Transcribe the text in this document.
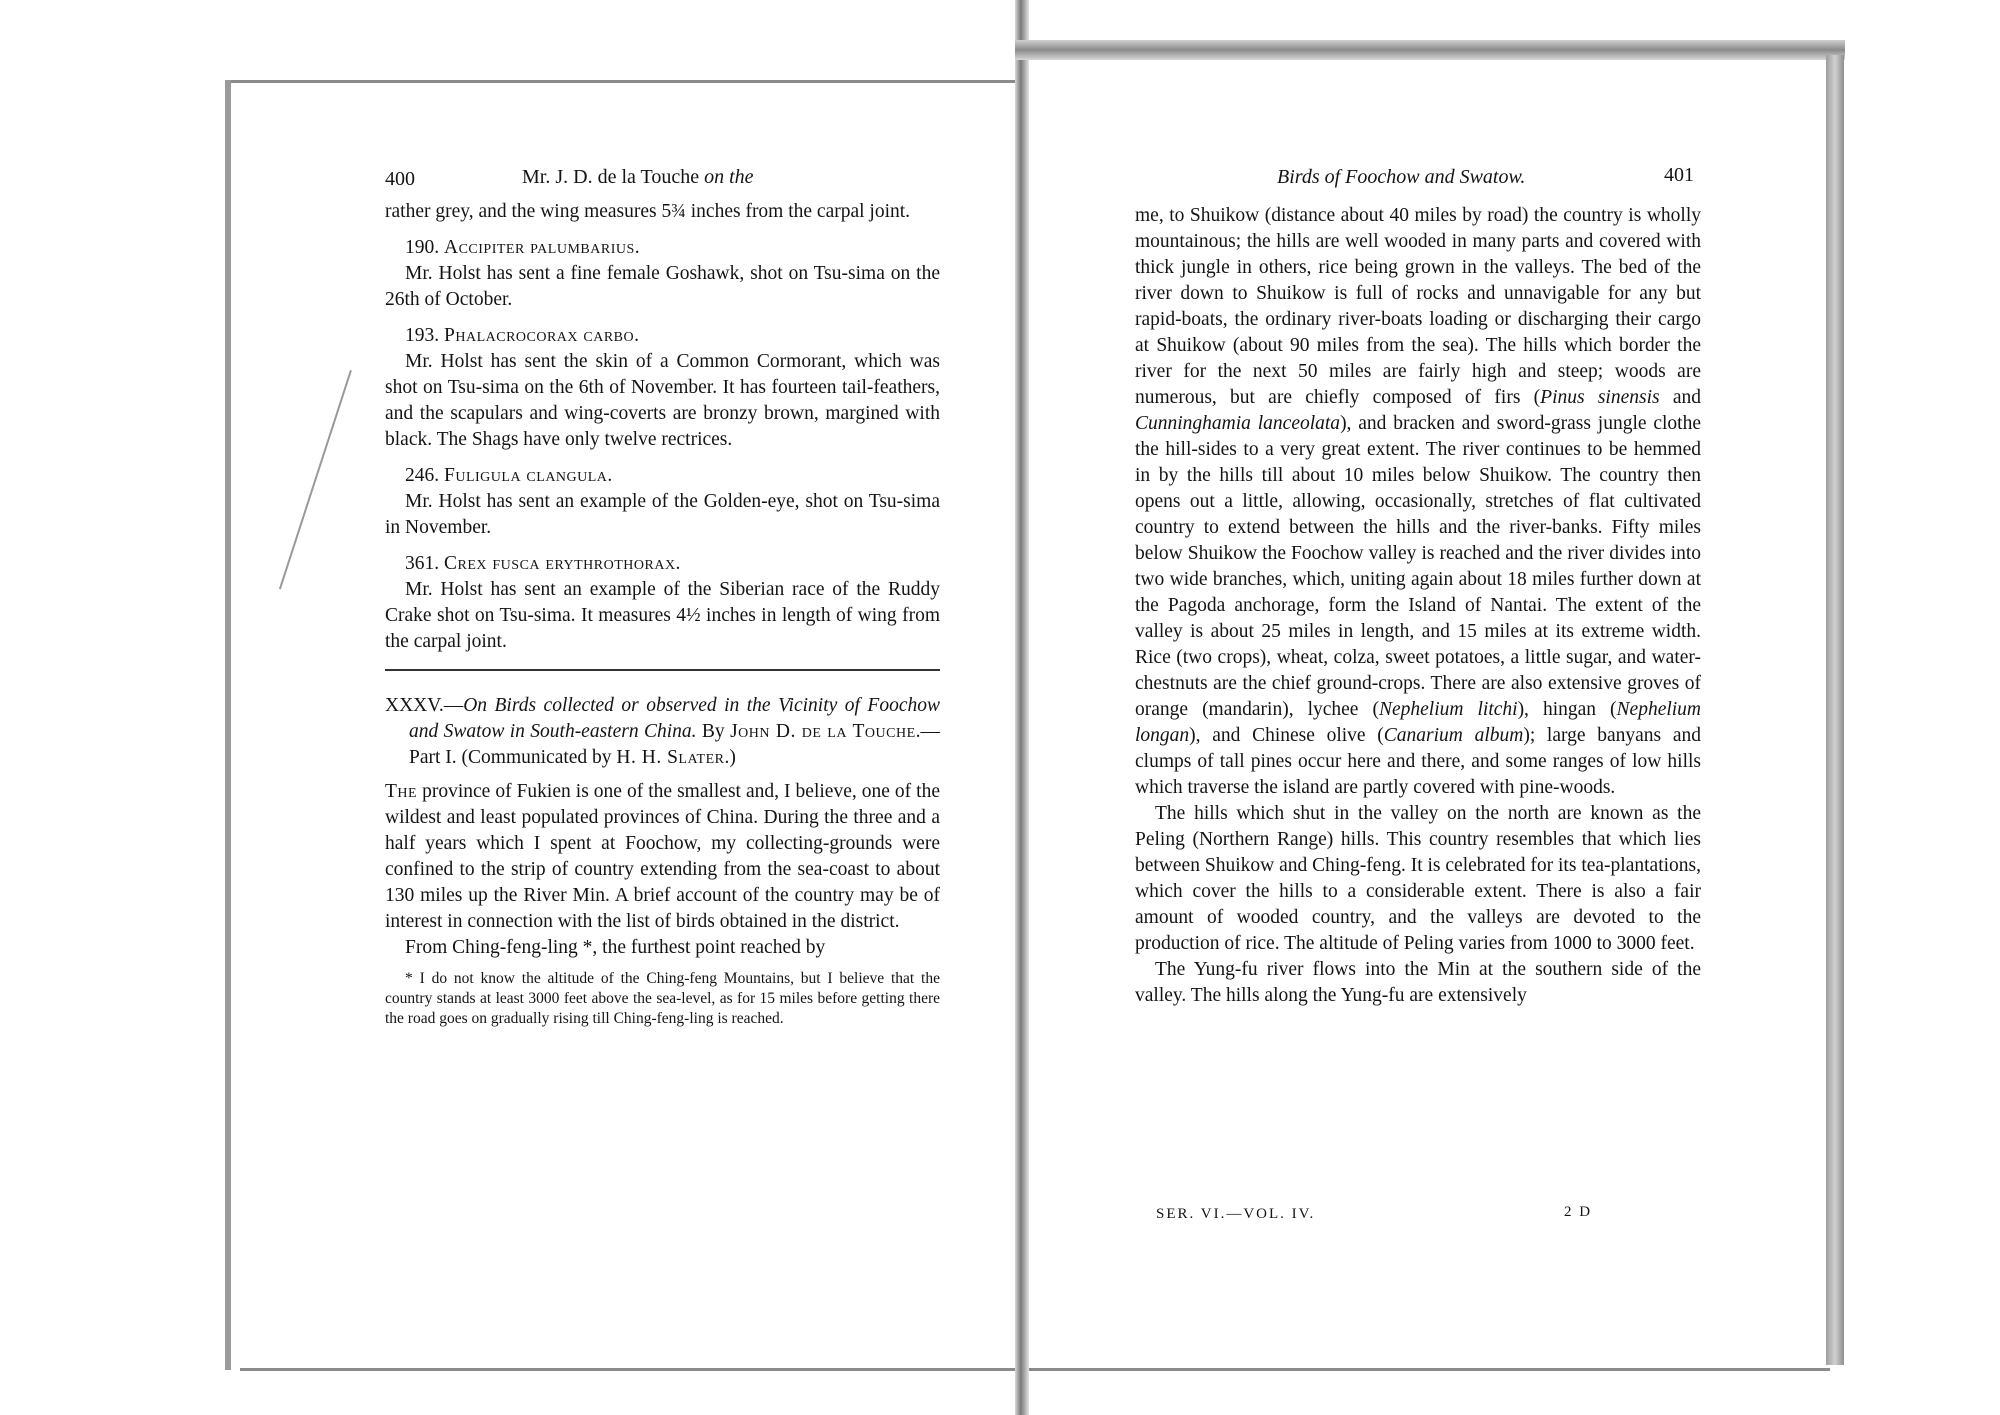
400	Mr. J. D. de la Touche on the

rather grey, and the wing measures 5¾ inches from the carpal joint.

190. Accipiter palumbarius.

Mr. Holst has sent a fine female Goshawk, shot on Tsu-sima on the 26th of October.

193. Phalacrocorax carbo.

Mr. Holst has sent the skin of a Common Cormorant, which was shot on Tsu-sima on the 6th of November. It has fourteen tail-feathers, and the scapulars and wing-coverts are bronzy brown, margined with black. The Shags have only twelve rectrices.

246. Fuligula clangula.

Mr. Holst has sent an example of the Golden-eye, shot on Tsu-sima in November.

361. Crex fusca erythrothorax.

Mr. Holst has sent an example of the Siberian race of the Ruddy Crake shot on Tsu-sima. It measures 4½ inches in length of wing from the carpal joint.

XXXV.—On Birds collected or observed in the Vicinity of Foochow and Swatow in South-eastern China. By John D. de la Touche.—Part I. (Communicated by H. H. Slater.)

The province of Fukien is one of the smallest and, I believe, one of the wildest and least populated provinces of China. During the three and a half years which I spent at Foochow, my collecting-grounds were confined to the strip of country extending from the sea-coast to about 130 miles up the River Min. A brief account of the country may be of interest in connection with the list of birds obtained in the district.

From Ching-feng-ling *, the furthest point reached by

* I do not know the altitude of the Ching-feng Mountains, but I believe that the country stands at least 3000 feet above the sea-level, as for 15 miles before getting there the road goes on gradually rising till Ching-feng-ling is reached.

Birds of Foochow and Swatow.	401

me, to Shuikow (distance about 40 miles by road) the country is wholly mountainous; the hills are well wooded in many parts and covered with thick jungle in others, rice being grown in the valleys. The bed of the river down to Shuikow is full of rocks and unnavigable for any but rapid-boats, the ordinary river-boats loading or discharging their cargo at Shuikow (about 90 miles from the sea). The hills which border the river for the next 50 miles are fairly high and steep; woods are numerous, but are chiefly composed of firs (Pinus sinensis and Cunninghamia lanceolata), and bracken and sword-grass jungle clothe the hill-sides to a very great extent. The river continues to be hemmed in by the hills till about 10 miles below Shuikow. The country then opens out a little, allowing, occasionally, stretches of flat cultivated country to extend between the hills and the river-banks. Fifty miles below Shuikow the Foochow valley is reached and the river divides into two wide branches, which, uniting again about 18 miles further down at the Pagoda anchorage, form the Island of Nantai. The extent of the valley is about 25 miles in length, and 15 miles at its extreme width. Rice (two crops), wheat, colza, sweet potatoes, a little sugar, and water-chestnuts are the chief ground-crops. There are also extensive groves of orange (mandarin), lychee (Nephelium litchi), hingan (Nephelium longan), and Chinese olive (Canarium album); large banyans and clumps of tall pines occur here and there, and some ranges of low hills which traverse the island are partly covered with pine-woods.

The hills which shut in the valley on the north are known as the Peling (Northern Range) hills. This country resembles that which lies between Shuikow and Ching-feng. It is celebrated for its tea-plantations, which cover the hills to a considerable extent. There is also a fair amount of wooded country, and the valleys are devoted to the production of rice. The altitude of Peling varies from 1000 to 3000 feet.

The Yung-fu river flows into the Min at the southern side of the valley. The hills along the Yung-fu are extensively

SER. VI.—VOL. IV.	2 D
